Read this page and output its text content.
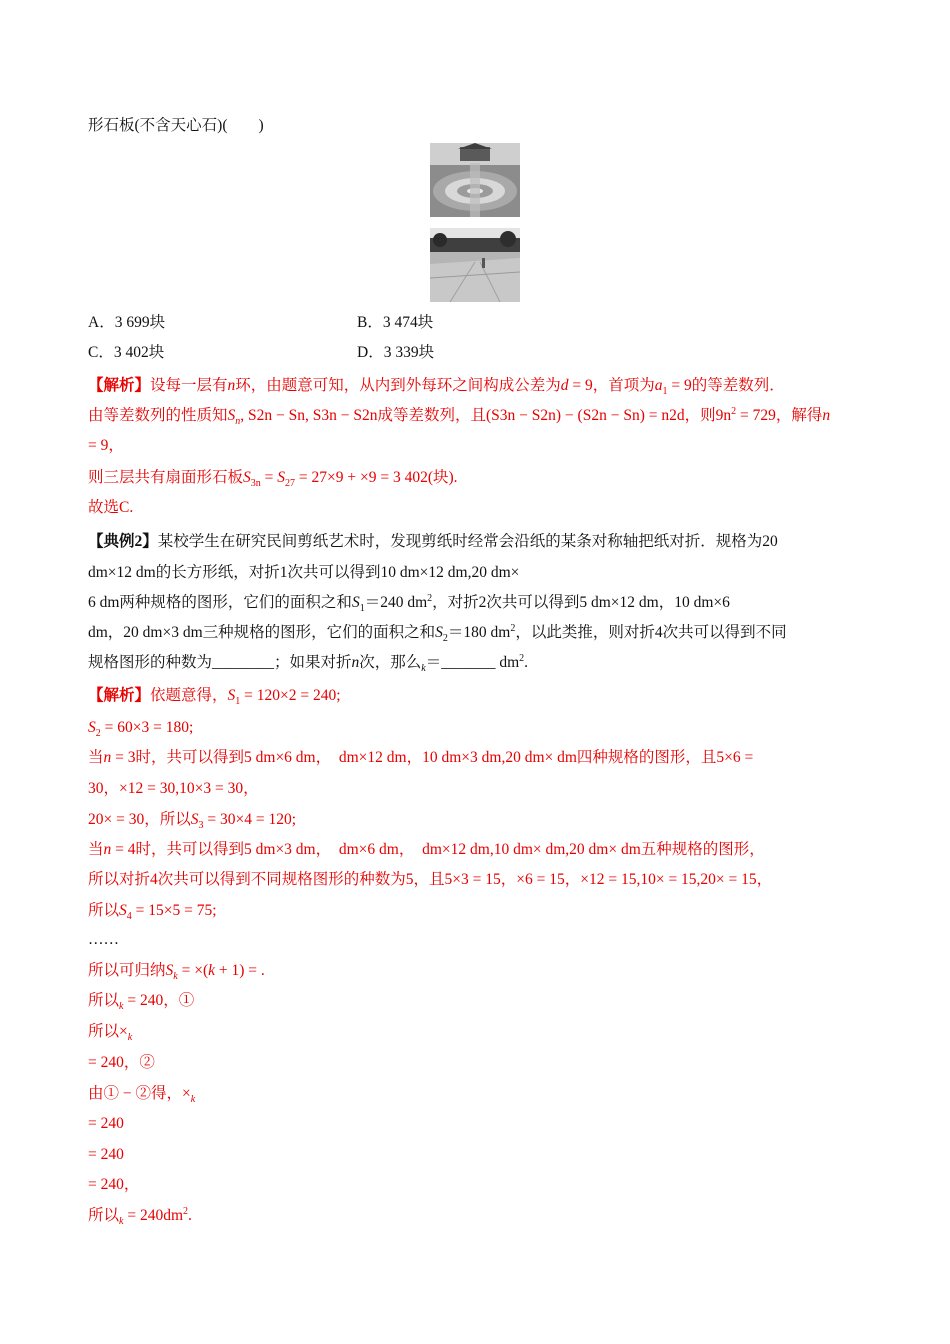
形石板(不含天心石)(　　)
A．3 699块	B．3 474块
C．3 402块	D．3 339块
【解析】设每一层有n环，由题意可知，从内到外每环之间构成公差为d = 9，首项为$a_1 = 9$的等差数列．
由等差数列的性质知$S_n$, S2n − Sn, S3n − S2n成等差数列，且(S3n − S2n) − (S2n − Sn) = n2d，则$9n^2 = 729$，解得n
= 9，
则三层共有扇面形石板$S_{3n} = S_{27} = 27\times 9 + \times 9 = 3$ 402(块).
故选C.
【典例2】某校学生在研究民间剪纸艺术时，发现剪纸时经常会沿纸的某条对称轴把纸对折．规格为20
dm×12 dm的长方形纸，对折1次共可以得到10 dm×12 dm,20 dm×
6 dm两种规格的图形，它们的面积之和$S_1=240$ $dm^2$，对折2次共可以得到5 dm×12 dm，10 dm×6
dm，20 dm×3 dm三种规格的图形，它们的面积之和$S_2=180$ $dm^2$，以此类推，则对折4次共可以得到不同
规格图形的种数为________；如果对折n次，那么$_k$＝_______ $dm^2$.
【解析】依题意得，$S_1 = 120\times 2 = 240$;
$S_2 = 60\times 3 = 180$;
当n = 3时，共可以得到5 dm×6 dm，　dm×12 dm，10 dm×3 dm,20 dm× dm四种规格的图形，且5×6 =
30，×12 = 30,10×3 = 30，
20× = 30，所以$S_3 = 30\times 4 = 120$;
当n = 4时，共可以得到5 dm×3 dm，　dm×6 dm，　dm×12 dm,10 dm× dm,20 dm× dm五种规格的图形，
所以对折4次共可以得到不同规格图形的种数为5，且5×3 = 15，×6 = 15，×12 = 15,10× = 15,20× = 15，
所以$S_4 = 15\times 5 = 75$;
……
所以可归纳$S_k = \times(k + 1)$ = .
所以$_k$ = 240，①
所以$\times_k$
= 240，②
由① − ②得，$\times_k$
= 240
= 240
= 240，
所以$_k = 240dm^2$.
